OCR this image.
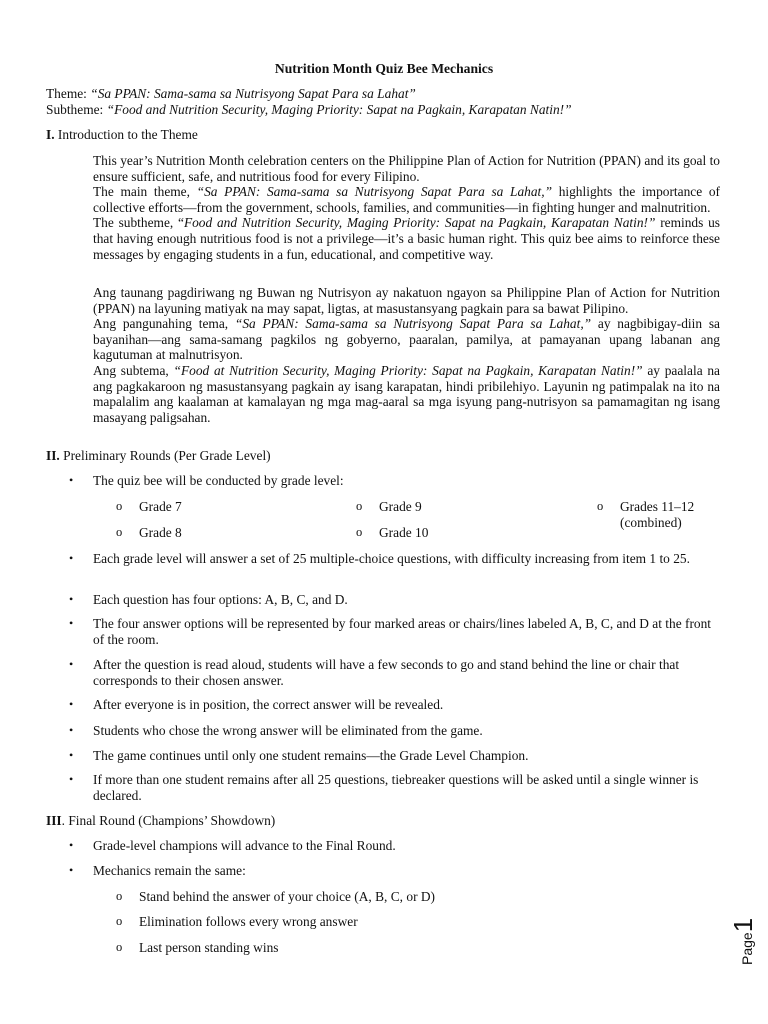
Nutrition Month Quiz Bee Mechanics
Theme: “Sa PPAN: Sama-sama sa Nutrisyong Sapat Para sa Lahat”
Subtheme: “Food and Nutrition Security, Maging Priority: Sapat na Pagkain, Karapatan Natin!”
I. Introduction to the Theme

This year’s Nutrition Month celebration centers on the Philippine Plan of Action for Nutrition (PPAN) and its goal to ensure sufficient, safe, and nutritious food for every Filipino.

The main theme, “Sa PPAN: Sama-sama sa Nutrisyong Sapat Para sa Lahat,” highlights the importance of collective efforts—from the government, schools, families, and communities—in fighting hunger and malnutrition.

The subtheme, “Food and Nutrition Security, Maging Priority: Sapat na Pagkain, Karapatan Natin!” reminds us that having enough nutritious food is not a privilege—it’s a basic human right. This quiz bee aims to reinforce these messages by engaging students in a fun, educational, and competitive way.

Ang taunang pagdiriwang ng Buwan ng Nutrisyon ay nakatuon ngayon sa Philippine Plan of Action for Nutrition (PPAN) na layuning matiyak na may sapat, ligtas, at masustansyang pagkain para sa bawat Pilipino.

Ang pangunahing tema, “Sa PPAN: Sama-sama sa Nutrisyong Sapat Para sa Lahat,” ay nagbibigay-diin sa bayanihan—ang sama-samang pagkilos ng gobyerno, paaralan, pamilya, at pamayanan upang labanan ang kagutuman at malnutrisyon.

Ang subtema, “Food at Nutrition Security, Maging Priority: Sapat na Pagkain, Karapatan Natin!” ay paalala na ang pagkakaroon ng masustansyang pagkain ay isang karapatan, hindi pribilehiyo. Layunin ng patimpalak na ito na mapalalim ang kaalaman at kamalayan ng mga mag-aaral sa mga isyung pang-nutrisyon sa pamamagitan ng isang masayang paligsahan.

II. Preliminary Rounds (Per Grade Level)
• The quiz bee will be conducted by grade level:
o Grade 7
o Grade 8
o Grade 9
o Grade 10
o Grades 11–12
(combined)
• Each grade level will answer a set of 25 multiple-choice questions, with difficulty increasing from item 1 to 25.
• Each question has four options: A, B, C, and D.
• The four answer options will be represented by four marked areas or chairs/lines labeled A, B, C, and D at the front of the room.
• After the question is read aloud, students will have a few seconds to go and stand behind the line or chair that corresponds to their chosen answer.
• After everyone is in position, the correct answer will be revealed.
• Students who chose the wrong answer will be eliminated from the game.
• The game continues until only one student remains—the Grade Level Champion.
• If more than one student remains after all 25 questions, tiebreaker questions will be asked until a single winner is declared.
III. Final Round (Champions’ Showdown)
• Grade-level champions will advance to the Final Round.
• Mechanics remain the same:
o Stand behind the answer of your choice (A, B, C, or D)
o Elimination follows every wrong answer
o Last person standing wins	Page1
